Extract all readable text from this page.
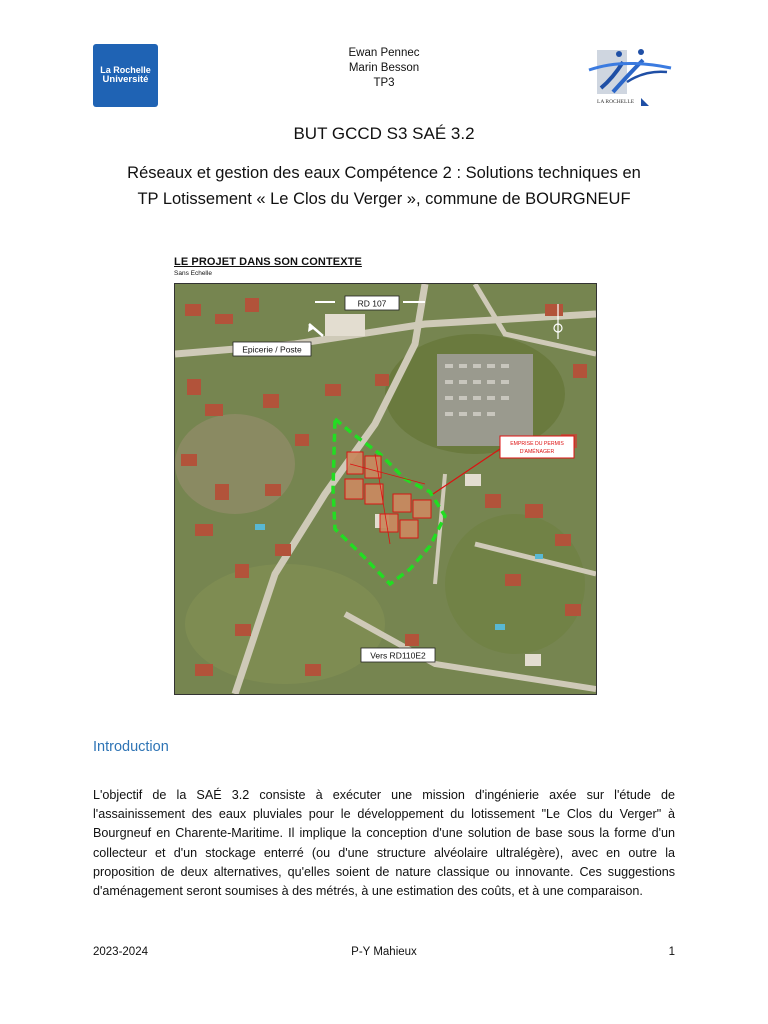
La Rochelle
Université
Ewan Pennec
Marin Besson
TP3
LA ROCHELLE
BUT GCCD S3 SAÉ 3.2
Réseaux et gestion des eaux Compétence 2 : Solutions techniques en
TP Lotissement « Le Clos du Verger », commune de BOURGNEUF
LE PROJET DANS SON CONTEXTE
Sans Echelle
EMPRISE DU PERMIS
D'AMÉNAGER
RD 107
Epicerie / Poste
Vers RD110E2
Introduction
L'objectif de la SAÉ 3.2 consiste à exécuter une mission d'ingénierie axée sur l'étude de l'assainissement des eaux pluviales pour le développement du lotissement "Le Clos du Verger" à Bourgneuf en Charente-Maritime. Il implique la conception d'une solution de base sous la forme d'un collecteur et d'un stockage enterré (ou d'une structure alvéolaire ultralégère), avec en outre la proposition de deux alternatives, qu'elles soient de nature classique ou innovante. Ces suggestions d'aménagement seront soumises à des métrés, à une estimation des coûts, et à une comparaison.
2023-2024	P-Y Mahieux	1
